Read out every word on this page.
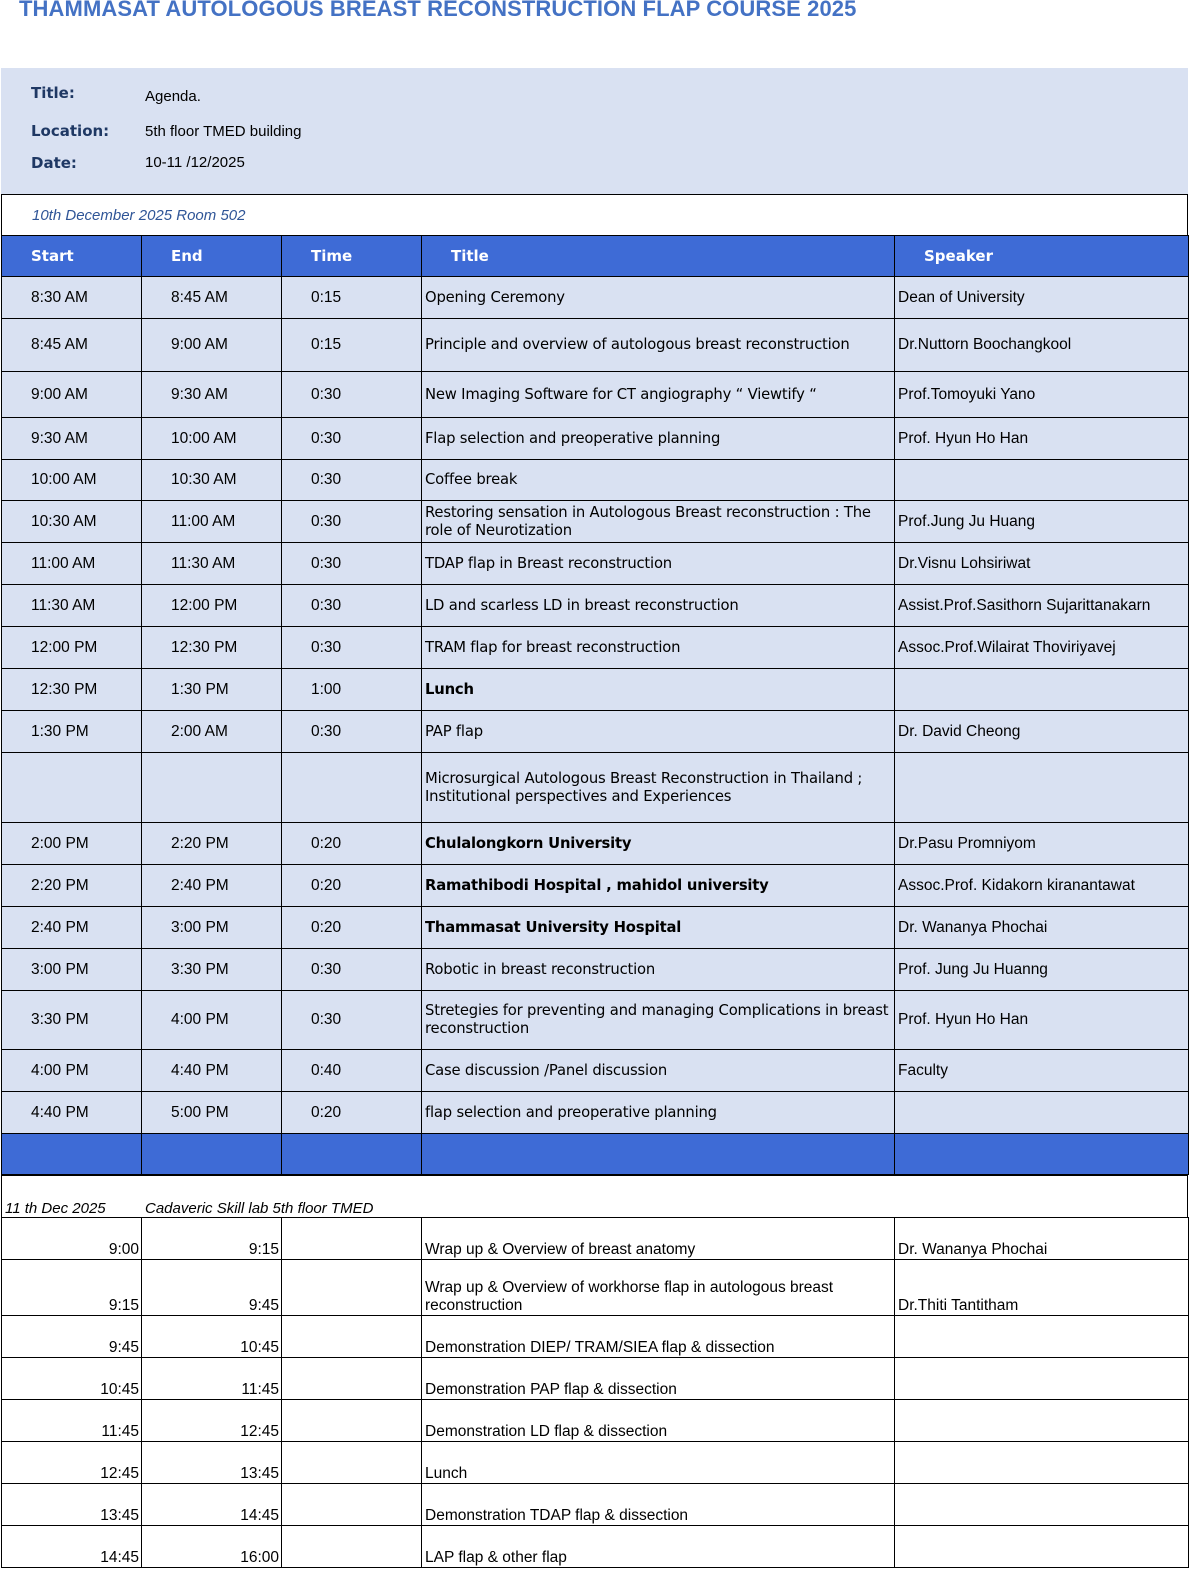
THAMMASAT AUTOLOGOUS BREAST RECONSTRUCTION FLAP COURSE 2025
Title:	Agenda.
Location: 5th floor TMED building
Date:	10-11 /12/2025
10th December 2025 Room 502
Start	End	Time	Title	Speaker
8:30 AM	8:45 AM	0:15	Opening Ceremony	Dean of University
8:45 AM	9:00 AM	0:15	Principle and overview of autologous breast reconstruction	Dr.Nuttorn Boochangkool
9:00 AM	9:30 AM	0:30	New Imaging Software for CT angiography “ Viewtify “	Prof.Tomoyuki Yano
9:30 AM	10:00 AM	0:30	Flap selection and preoperative planning	Prof. Hyun Ho Han
10:00 AM	10:30 AM	0:30	Coffee break	
10:30 AM	11:00 AM	0:30	Restoring sensation in Autologous Breast reconstruction : The role of Neurotization	Prof.Jung Ju Huang
11:00 AM	11:30 AM	0:30	TDAP flap in Breast reconstruction	Dr.Visnu Lohsiriwat
11:30 AM	12:00 PM	0:30	LD and scarless LD in breast reconstruction	Assist.Prof.Sasithorn Sujarittanakarn
12:00 PM	12:30 PM	0:30	TRAM flap for breast reconstruction	Assoc.Prof.Wilairat Thoviriyavej
12:30 PM	1:30 PM	1:00	Lunch	
1:30 PM	2:00 AM	0:30	PAP flap	Dr. David Cheong
			Microsurgical Autologous Breast Reconstruction in Thailand ; Institutional perspectives and Experiences	
2:00 PM	2:20 PM	0:20	Chulalongkorn University	Dr.Pasu Promniyom
2:20 PM	2:40 PM	0:20	Ramathibodi Hospital , mahidol university	Assoc.Prof. Kidakorn kiranantawat
2:40 PM	3:00 PM	0:20	Thammasat University Hospital	Dr. Wananya Phochai
3:00 PM	3:30 PM	0:30	Robotic in breast reconstruction	Prof. Jung Ju Huanng
3:30 PM	4:00 PM	0:30	Stretegies for preventing and managing Complications in breast reconstruction	Prof. Hyun Ho Han
4:00 PM	4:40 PM	0:40	Case discussion /Panel discussion	Faculty
4:40 PM	5:00 PM	0:20	flap selection and preoperative planning	

11 th Dec 2025	Cadaveric Skill lab 5th floor TMED
9:00	9:15		Wrap up & Overview of breast anatomy	Dr. Wananya Phochai
9:15	9:45		Wrap up & Overview of workhorse flap in autologous breast reconstruction	Dr.Thiti Tantitham
9:45	10:45		Demonstration DIEP/ TRAM/SIEA flap & dissection	
10:45	11:45		Demonstration PAP flap & dissection	
11:45	12:45		Demonstration LD flap & dissection	
12:45	13:45		Lunch	
13:45	14:45		Demonstration TDAP flap & dissection	
14:45	16:00		LAP flap & other flap	
